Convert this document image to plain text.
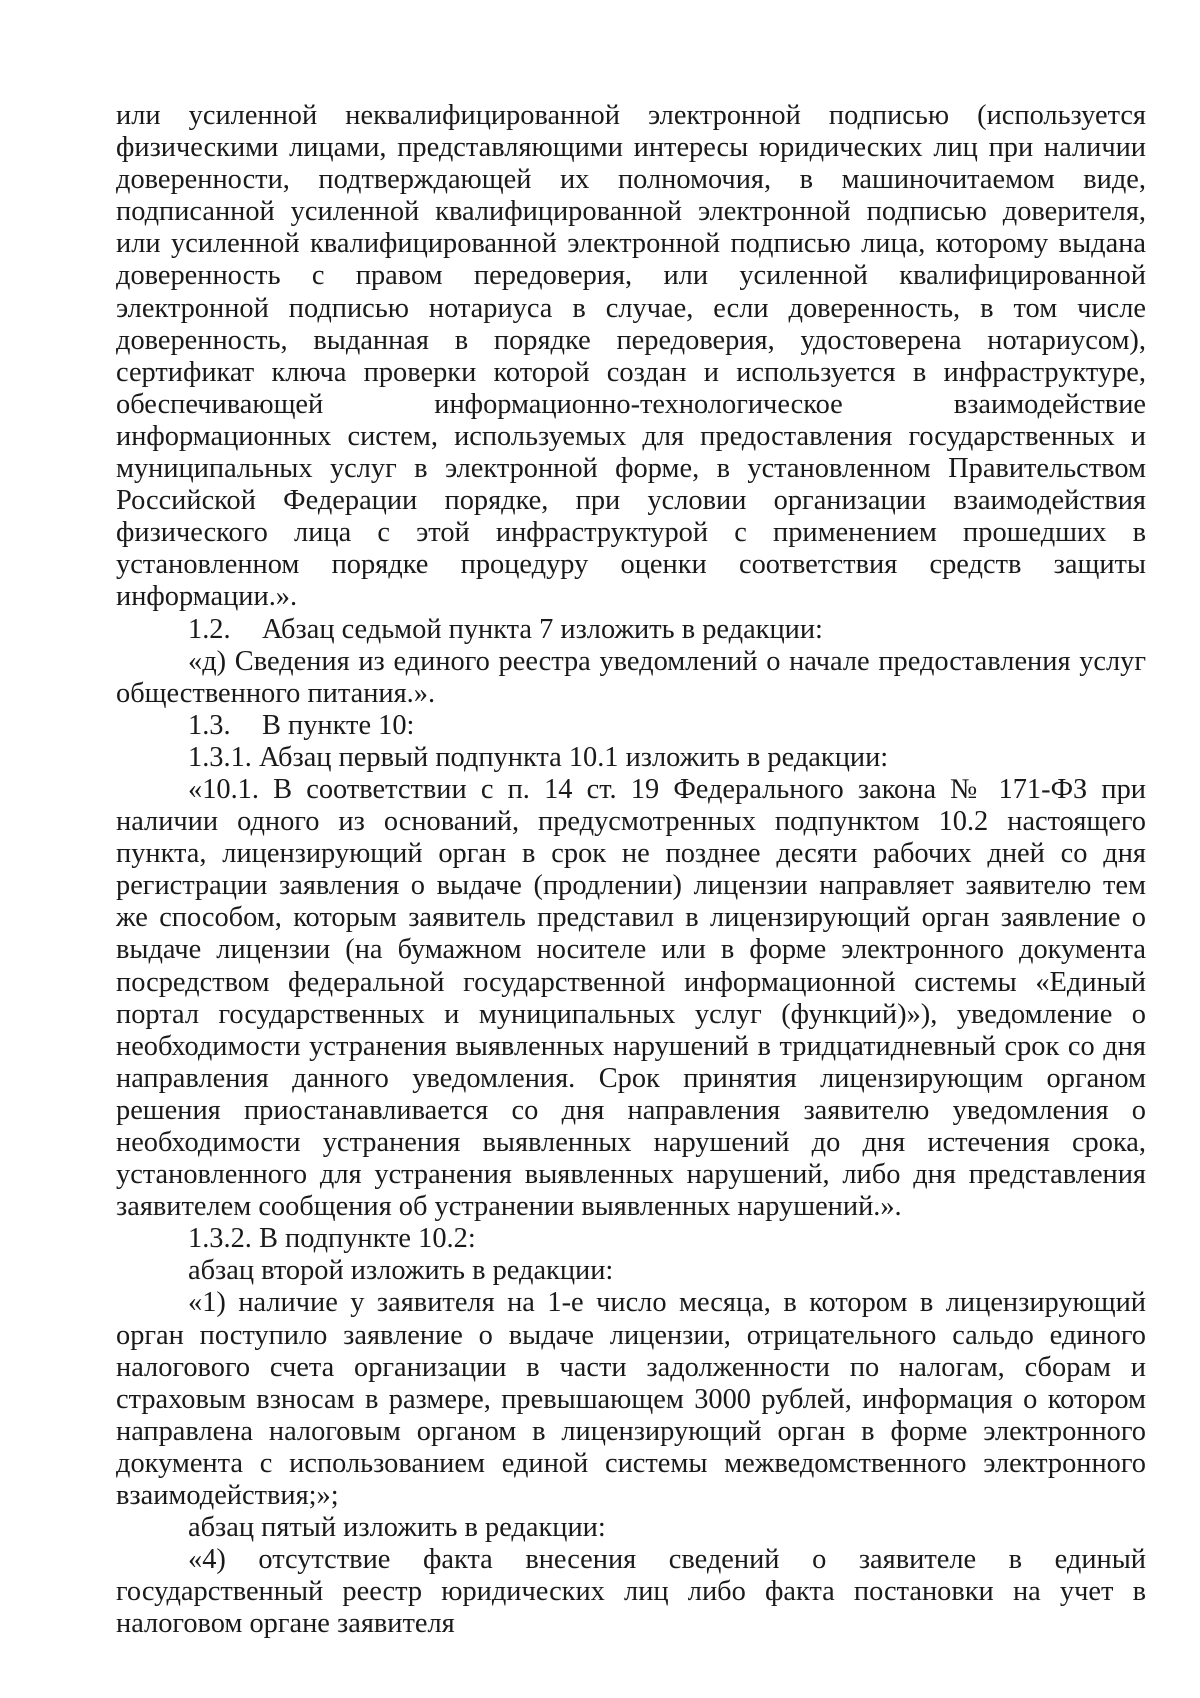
или усиленной неквалифицированной электронной подписью (используется физическими лицами, представляющими интересы юридических лиц при наличии доверенности, подтверждающей их полномочия, в машиночитаемом виде, подписанной усиленной квалифицированной электронной подписью доверителя, или усиленной квалифицированной электронной подписью лица, которому выдана доверенность с правом передоверия, или усиленной квалифицированной электронной подписью нотариуса в случае, если доверенность, в том числе доверенность, выданная в порядке передоверия, удостоверена нотариусом), сертификат ключа проверки которой создан и используется в инфраструктуре, обеспечивающей информационно-технологическое взаимодействие информационных систем, используемых для предоставления государственных и муниципальных услуг в электронной форме, в установленном Правительством Российской Федерации порядке, при условии организации взаимодействия физического лица с этой инфраструктурой с применением прошедших в установленном порядке процедуру оценки соответствия средств защиты информации.».

1.2. Абзац седьмой пункта 7 изложить в редакции:

«д) Сведения из единого реестра уведомлений о начале предоставления услуг общественного питания.».

1.3. В пункте 10:

1.3.1. Абзац первый подпункта 10.1 изложить в редакции:

«10.1. В соответствии с п. 14 ст. 19 Федерального закона № 171-ФЗ при наличии одного из оснований, предусмотренных подпунктом 10.2 настоящего пункта, лицензирующий орган в срок не позднее десяти рабочих дней со дня регистрации заявления о выдаче (продлении) лицензии направляет заявителю тем же способом, которым заявитель представил в лицензирующий орган заявление о выдаче лицензии (на бумажном носителе или в форме электронного документа посредством федеральной государственной информационной системы «Единый портал государственных и муниципальных услуг (функций)»), уведомление о необходимости устранения выявленных нарушений в тридцатидневный срок со дня направления данного уведомления. Срок принятия лицензирующим органом решения приостанавливается со дня направления заявителю уведомления о необходимости устранения выявленных нарушений до дня истечения срока, установленного для устранения выявленных нарушений, либо дня представления заявителем сообщения об устранении выявленных нарушений.».

1.3.2. В подпункте 10.2:

абзац второй изложить в редакции:

«1) наличие у заявителя на 1-е число месяца, в котором в лицензирующий орган поступило заявление о выдаче лицензии, отрицательного сальдо единого налогового счета организации в части задолженности по налогам, сборам и страховым взносам в размере, превышающем 3000 рублей, информация о котором направлена налоговым органом в лицензирующий орган в форме электронного документа с использованием единой системы межведомственного электронного взаимодействия;»;

абзац пятый изложить в редакции:

«4) отсутствие факта внесения сведений о заявителе в единый государственный реестр юридических лиц либо факта постановки на учет в налоговом органе заявителя
